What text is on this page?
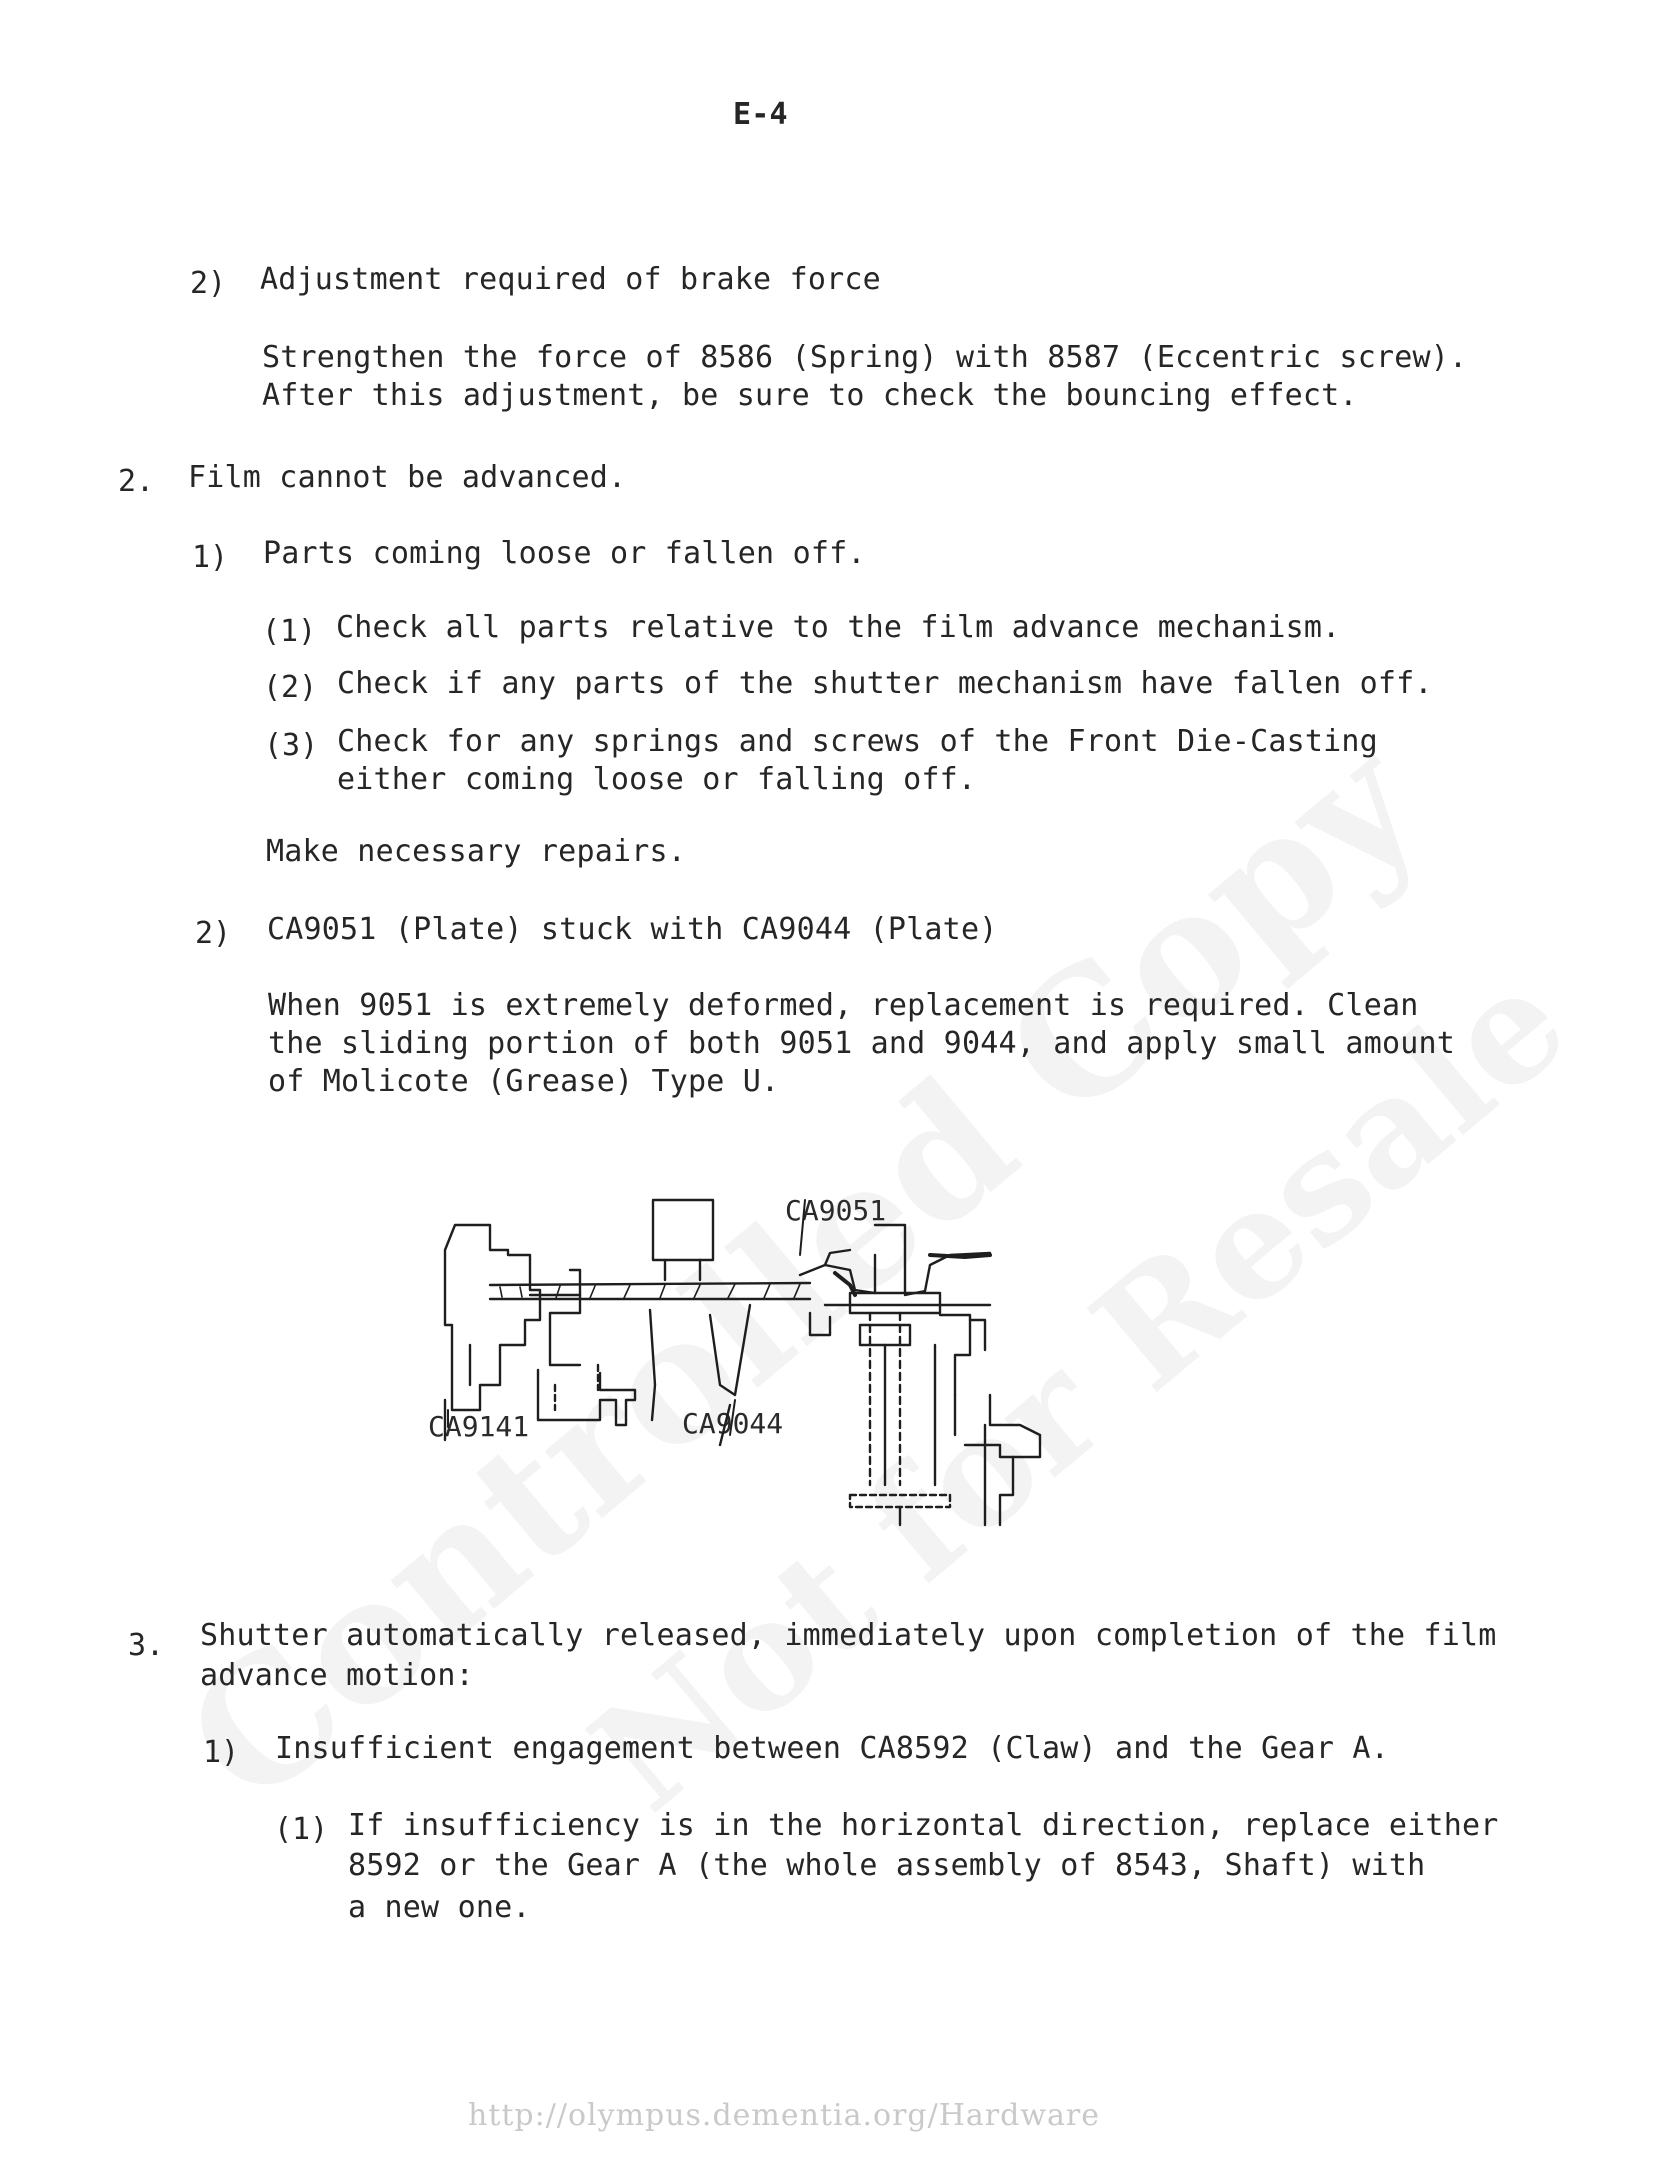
E-4
2) Adjustment required of brake force
Strengthen the force of 8586 (Spring) with 8587 (Eccentric screw).
After this adjustment, be sure to check the bouncing effect.
2. Film cannot be advanced.
1) Parts coming loose or fallen off.
(1) Check all parts relative to the film advance mechanism.
(2) Check if any parts of the shutter mechanism have fallen off.
(3) Check for any springs and screws of the Front Die-Casting
either coming loose or falling off.
Make necessary repairs.
2) CA9051 (Plate) stuck with CA9044 (Plate)
When 9051 is extremely deformed, replacement is required. Clean
the sliding portion of both 9051 and 9044, and apply small amount
of Molicote (Grease) Type U.
CA9051
CA9141	CA9044
3. Shutter automatically released, immediately upon completion of the film
advance motion:
1) Insufficient engagement between CA8592 (Claw) and the Gear A.
(1) If insufficiency is in the horizontal direction, replace either
8592 or the Gear A (the whole assembly of 8543, Shaft) with
a new one.
http://olympus.dementia.org/Hardware
